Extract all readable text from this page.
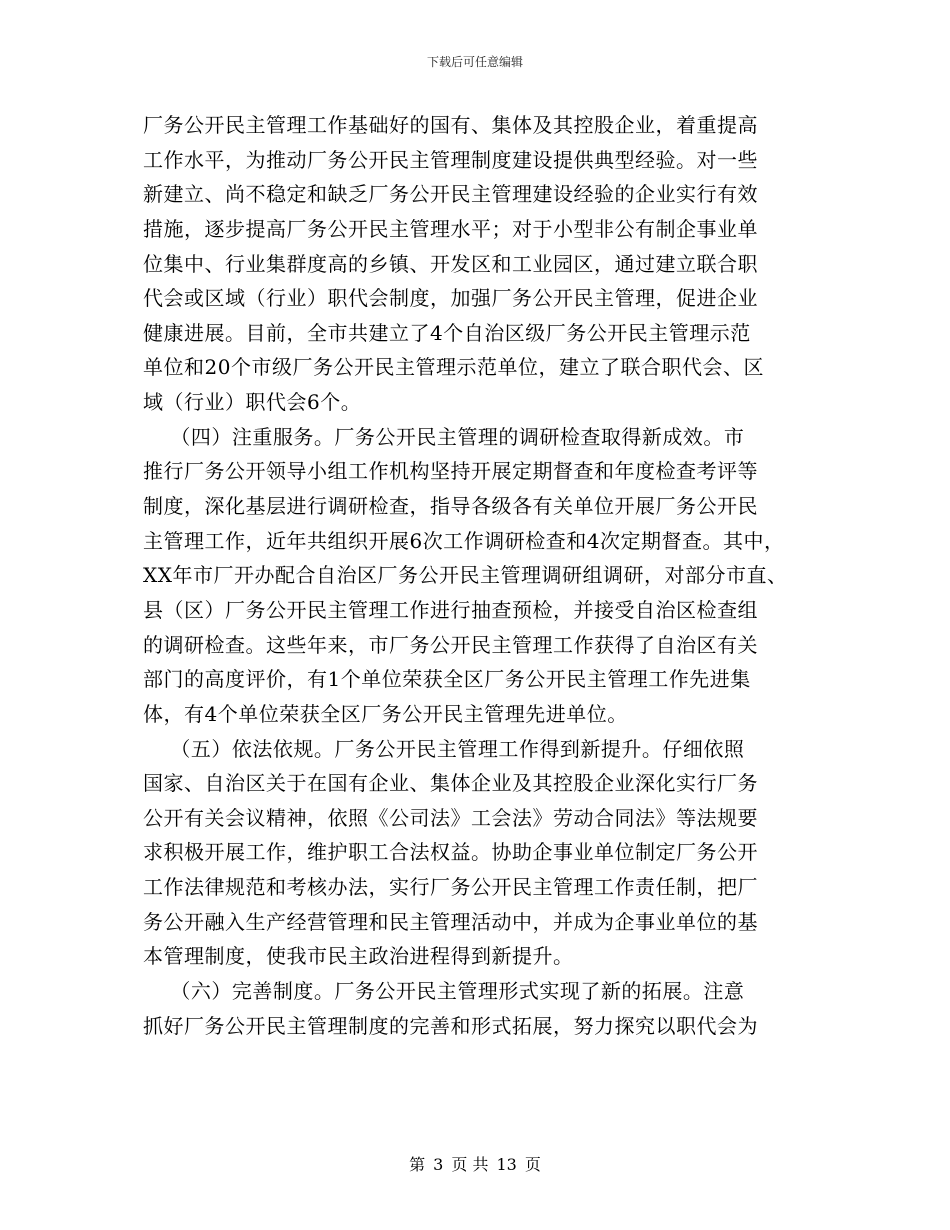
下载后可任意编辑
厂务公开民主管理工作基础好的国有、集体及其控股企业，着重提高
工作水平，为推动厂务公开民主管理制度建设提供典型经验。对一些
新建立、尚不稳定和缺乏厂务公开民主管理建设经验的企业实行有效
措施，逐步提高厂务公开民主管理水平；对于小型非公有制企事业单
位集中、行业集群度高的乡镇、开发区和工业园区，通过建立联合职
代会或区域（行业）职代会制度，加强厂务公开民主管理，促进企业
健康进展。目前，全市共建立了4个自治区级厂务公开民主管理示范
单位和20个市级厂务公开民主管理示范单位，建立了联合职代会、区
域（行业）职代会6个。
（四）注重服务。厂务公开民主管理的调研检查取得新成效。市
推行厂务公开领导小组工作机构坚持开展定期督查和年度检查考评等
制度，深化基层进行调研检查，指导各级各有关单位开展厂务公开民
主管理工作，近年共组织开展6次工作调研检查和4次定期督查。其中，
XX年市厂开办配合自治区厂务公开民主管理调研组调研，对部分市直、
县（区）厂务公开民主管理工作进行抽查预检，并接受自治区检查组
的调研检查。这些年来，市厂务公开民主管理工作获得了自治区有关
部门的高度评价，有1个单位荣获全区厂务公开民主管理工作先进集
体，有4个单位荣获全区厂务公开民主管理先进单位。
（五）依法依规。厂务公开民主管理工作得到新提升。仔细依照
国家、自治区关于在国有企业、集体企业及其控股企业深化实行厂务
公开有关会议精神，依照《公司法》工会法》劳动合同法》等法规要
求积极开展工作，维护职工合法权益。协助企事业单位制定厂务公开
工作法律规范和考核办法，实行厂务公开民主管理工作责任制，把厂
务公开融入生产经营管理和民主管理活动中，并成为企事业单位的基
本管理制度，使我市民主政治进程得到新提升。
（六）完善制度。厂务公开民主管理形式实现了新的拓展。注意
抓好厂务公开民主管理制度的完善和形式拓展，努力探究以职代会为
第 3 页 共 13 页
